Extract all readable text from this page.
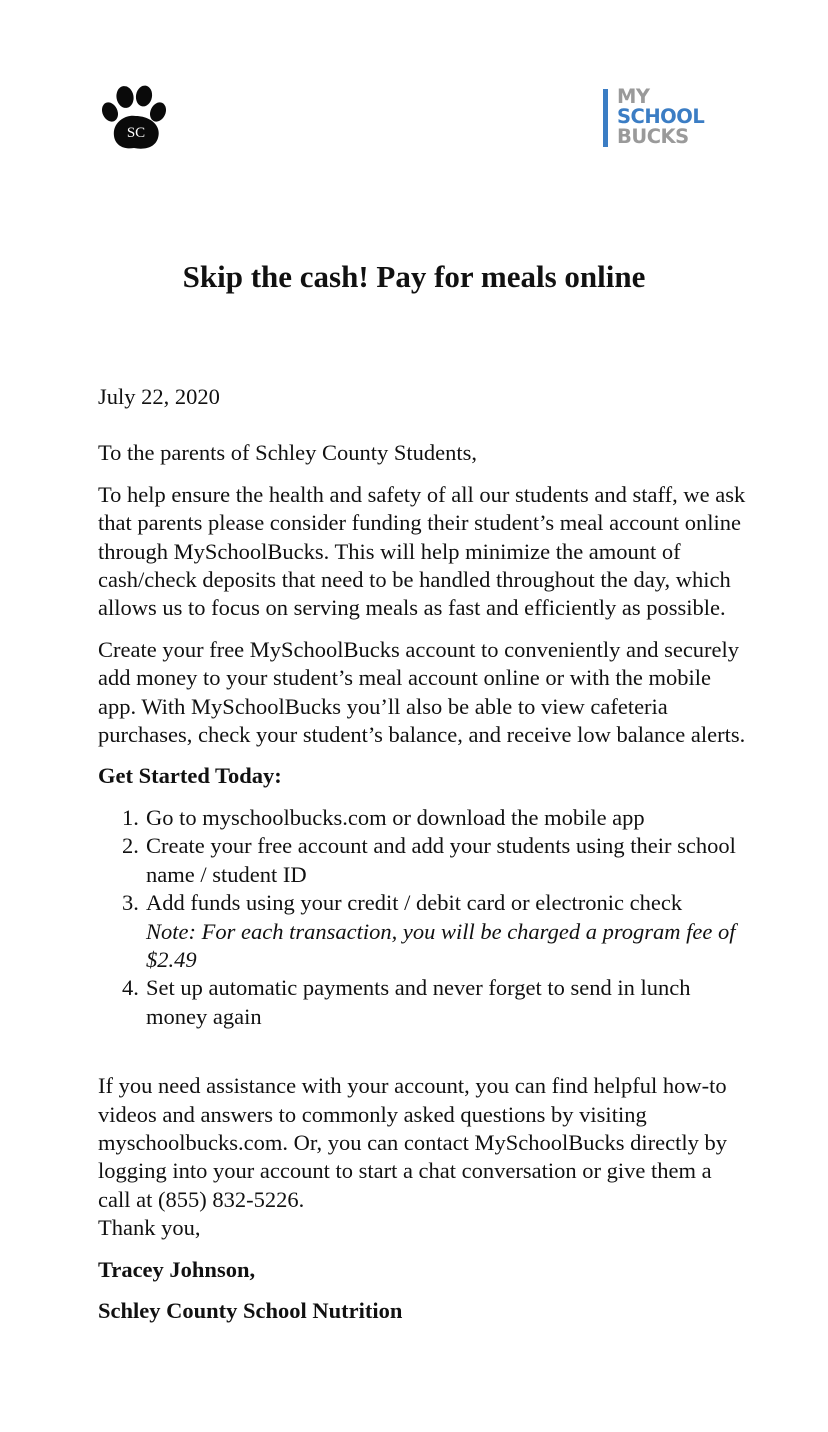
SC
MY
SCHOOL
BUCKS
Skip the cash! Pay for meals online

July 22, 2020

To the parents of Schley County Students,

To help ensure the health and safety of all our students and staff, we ask that parents please consider funding their student’s meal account online through MySchoolBucks. This will help minimize the amount of cash/check deposits that need to be handled throughout the day, which allows us to focus on serving meals as fast and efficiently as possible.

Create your free MySchoolBucks account to conveniently and securely add money to your student’s meal account online or with the mobile app. With MySchoolBucks you’ll also be able to view cafeteria purchases, check your student’s balance, and receive low balance alerts.

Get Started Today:

1. Go to myschoolbucks.com or download the mobile app
2. Create your free account and add your students using their school name / student ID
3. Add funds using your credit / debit card or electronic check
Note: For each transaction, you will be charged a program fee of $2.49
4. Set up automatic payments and never forget to send in lunch money again

If you need assistance with your account, you can find helpful how-to videos and answers to commonly asked questions by visiting myschoolbucks.com. Or, you can contact MySchoolBucks directly by logging into your account to start a chat conversation or give them a call at (855) 832-5226.

Thank you,

Tracey Johnson,

Schley County School Nutrition
